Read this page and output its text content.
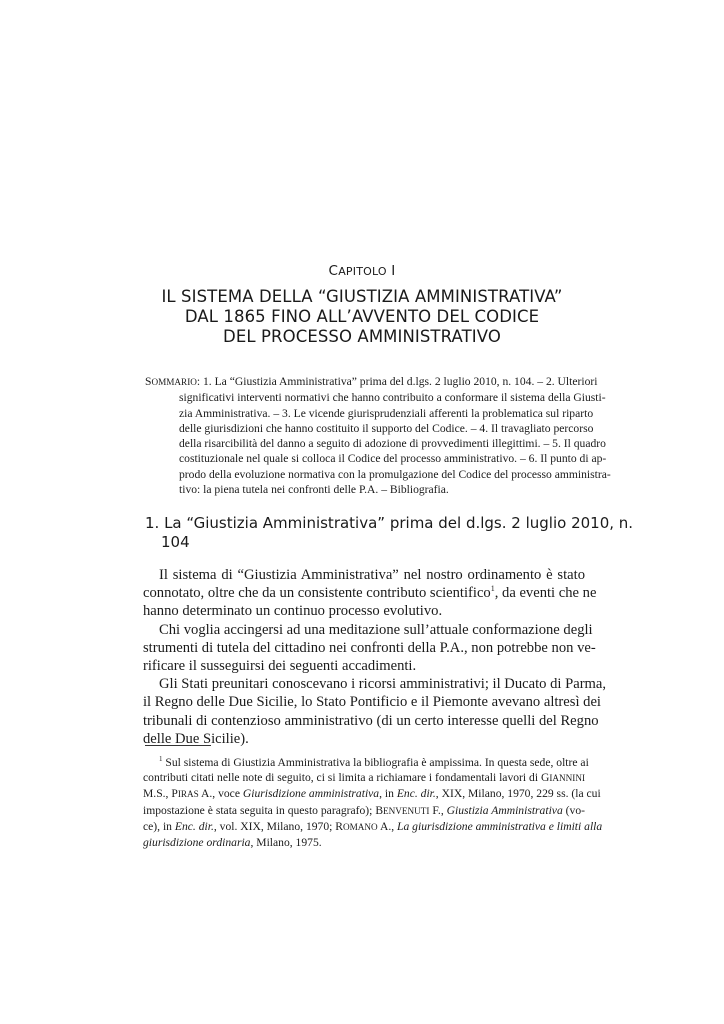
CAPITOLO I
IL SISTEMA DELLA “GIUSTIZIA AMMINISTRATIVA”
DAL 1865 FINO ALL’AVVENTO DEL CODICE
DEL PROCESSO AMMINISTRATIVO
SOMMARIO: 1. La “Giustizia Amministrativa” prima del d.lgs. 2 luglio 2010, n. 104. – 2. Ulteriori
significativi interventi normativi che hanno contribuito a conformare il sistema della Giusti-
zia Amministrativa. – 3. Le vicende giurisprudenziali afferenti la problematica sul riparto
delle giurisdizioni che hanno costituito il supporto del Codice. – 4. Il travagliato percorso
della risarcibilità del danno a seguito di adozione di provvedimenti illegittimi. – 5. Il quadro
costituzionale nel quale si colloca il Codice del processo amministrativo. – 6. Il punto di ap-
prodo della evoluzione normativa con la promulgazione del Codice del processo amministra-
tivo: la piena tutela nei confronti delle P.A. – Bibliografia.
1. La “Giustizia Amministrativa” prima del d.lgs. 2 luglio 2010, n.
104
Il sistema di “Giustizia Amministrativa” nel nostro ordinamento è stato
connotato, oltre che da un consistente contributo scientifico$^1$, da eventi che ne
hanno determinato un continuo processo evolutivo.
Chi voglia accingersi ad una meditazione sull’attuale conformazione degli
strumenti di tutela del cittadino nei confronti della P.A., non potrebbe non ve-
rificare il susseguirsi dei seguenti accadimenti.
Gli Stati preunitari conoscevano i ricorsi amministrativi; il Ducato di Parma,
il Regno delle Due Sicilie, lo Stato Pontificio e il Piemonte avevano altresì dei
tribunali di contenzioso amministrativo (di un certo interesse quelli del Regno
delle Due Sicilie).
$^1$ Sul sistema di Giustizia Amministrativa la bibliografia è ampissima. In questa sede, oltre ai
contributi citati nelle note di seguito, ci si limita a richiamare i fondamentali lavori di GIANNINI
M.S., PIRAS A., voce Giurisdizione amministrativa, in Enc. dir., XIX, Milano, 1970, 229 ss. (la cui
impostazione è stata seguita in questo paragrafo); BENVENUTI F., Giustizia Amministrativa (vo-
ce), in Enc. dir., vol. XIX, Milano, 1970; ROMANO A., La giurisdizione amministrativa e limiti alla
giurisdizione ordinaria, Milano, 1975.
